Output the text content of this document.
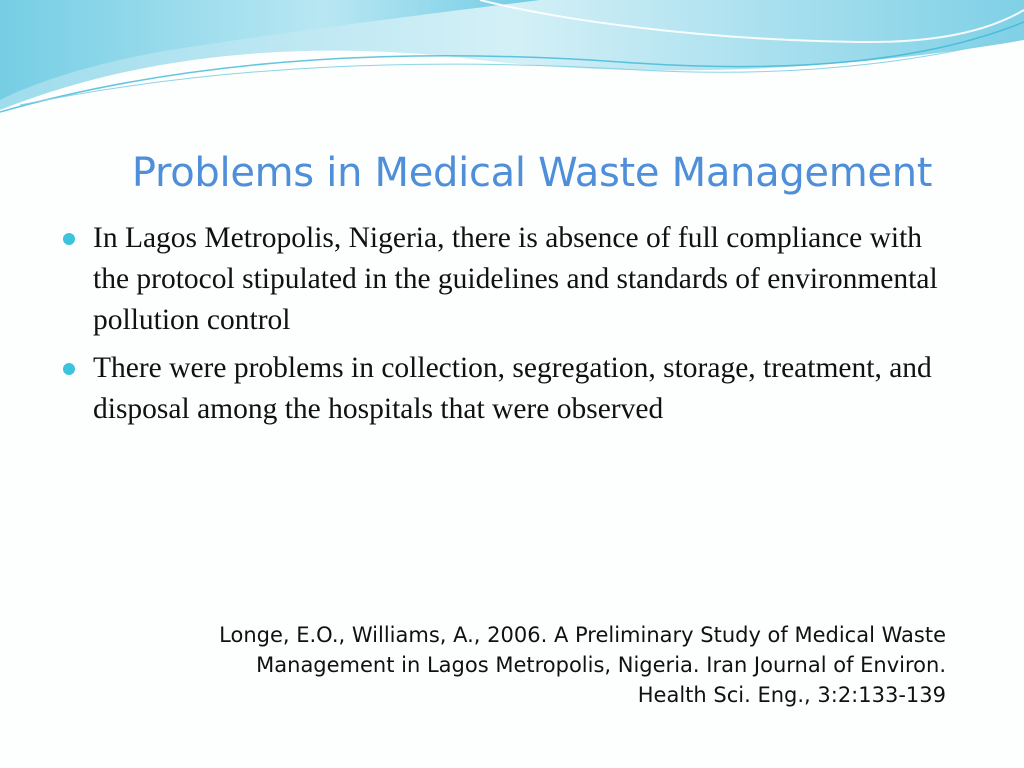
Problems in Medical Waste Management
In Lagos Metropolis, Nigeria, there is absence of full compliance with the protocol stipulated in the guidelines and standards of environmental pollution control
There were problems in collection, segregation, storage, treatment, and disposal among the hospitals that were observed
Longe, E.O., Williams, A., 2006. A Preliminary Study of Medical Waste
Management in Lagos Metropolis, Nigeria. Iran Journal of Environ.
Health Sci. Eng., 3:2:133-139
